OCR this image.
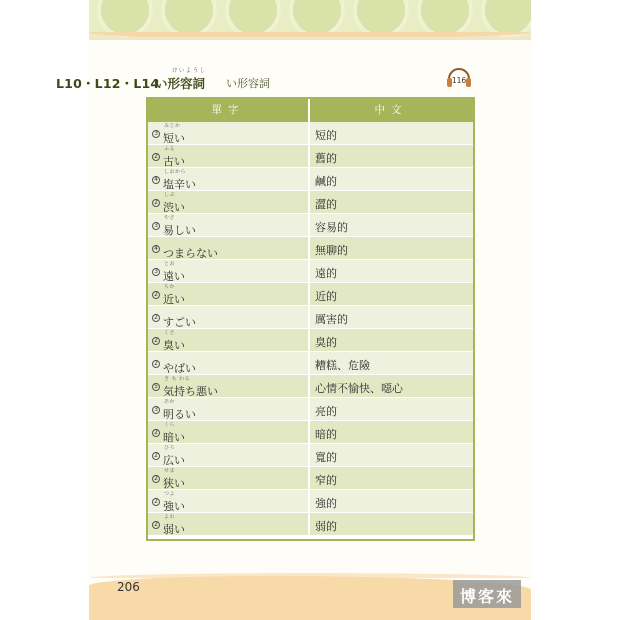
206
L10・L12・L14
けいようし
い形容詞 い形容詞	116
單字	中文
3
みじか
短い	短的
2
ふる
古い	舊的
4
しおから
塩辛い	鹹的
2
しぶ
渋い	澀的
3
やさ
易しい	容易的
4 つまらない	無聊的
3
とお
遠い	遠的
2
ちか
近い	近的
2 すごい	厲害的
2
くさ
臭い	臭的
2 やばい	糟糕、危險
5
き も わる
気持ち悪い	心情不愉快、噁心
3
あか
明るい	亮的
2
くら
暗い	暗的
2
ひろ
広い	寬的
2
せま
狭い	窄的
2
つよ
強い	強的
2
よわ
弱い	弱的
博客來
